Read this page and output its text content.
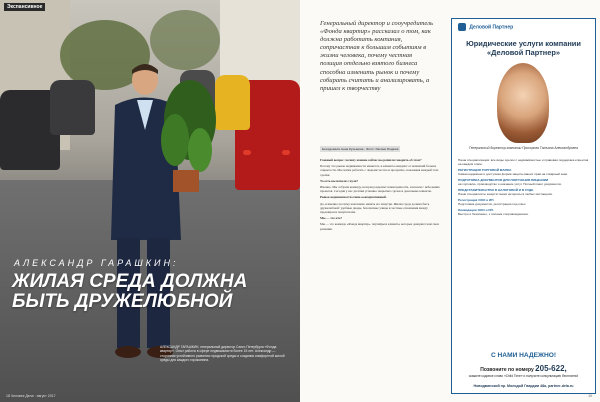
Экспансивное
АЛЕКСАНДР ГАРАШКИН:
ЖИЛАЯ СРЕДА ДОЛЖНА БЫТЬ ДРУЖЕЛЮБНОЙ
АЛЕКСАНДР ГАРАШКИН, генеральный директор Санкт-Петербурга «Фонда квартир». Опыт работы в сфере недвижимости более 15 лет. Александр — сторонник устойчивого развития городской среды и создания комфортной жилой среды для каждого горожанина.
18 Человек Дела · август 2017
Генеральный директор и сооучредитель «Фонда квартир» рассказал о том, как должна работать компания, сопричастная к большим событиям в жизни человека, почему честная позиция отдельно взятого бизнеса способна изменить рынок и почему собирать считать и анализировать, а пришел к творчеству
Беседовала Анна Кузьмина · Фото: Оксана Лоджия

Главный вопрос: почему именно сейчас вы решили говорить об этом?

Потому что рынок недвижимости меняется, и клиенты ожидают от компаний больше открытости. Мы хотим работать с людьми честно и прозрачно, показывая каждый этап сделки.

То есть вы начали с нуля?

Именно. Мы собрали команду, которая разделяет наши ценности, и начали с небольших проектов. Сегодня у нас десятки успешно закрытых сделок и довольные клиенты.

Рынок недвижимости очень консервативный.

Да, и именно поэтому нам важно менять его изнутри. Жилая среда должна быть дружелюбной: удобные дворы, безопасные улицы и честные отношения между продавцом и покупателем.

Мы — это кто?

Мы — это команда «Фонда квартир», партнёры и клиенты, которые доверяют нам свои решения.

Деловой Партнер
Юридические услуги компании «Деловой Партнер»
Генеральный директор компании Прохорова Татьяна Александровна
Наша специализация: все виды сделок с недвижимостью и правовая поддержка клиентов на каждом этапе.
РЕГИСТРАЦИЯ ТОРГОВОЙ МАРКИ.
Самая надежная и доступная форма защиты ваших прав на товарный знак.
ПОДГОТОВКА ДОКУМЕНТОВ ДЛЯ ПОЛУЧЕНИЯ ЛИЦЕНЗИИ
на торговлю, производство и оказание услуг. Полный пакет документов.
ПРЕДСТАВИТЕЛЬСТВО В НАЛОГОВОЙ И В СУДЕ.
Наши специалисты защитят ваши интересы в любых инстанциях.
Регистрация ООО и ИП.
Подготовка документов, регистрация под ключ.
Ликвидация ООО и ИП.
Быстро и безопасно, с полным сопровождением.
С НАМИ НАДЕЖНО!
Позвоните по номеру 205-622,
скажите кодовое слово «Child Time» и получите консультацию бесплатно!
Новодвинский пр. Молодой Гвардии 48а, partner-dela.ru
19
